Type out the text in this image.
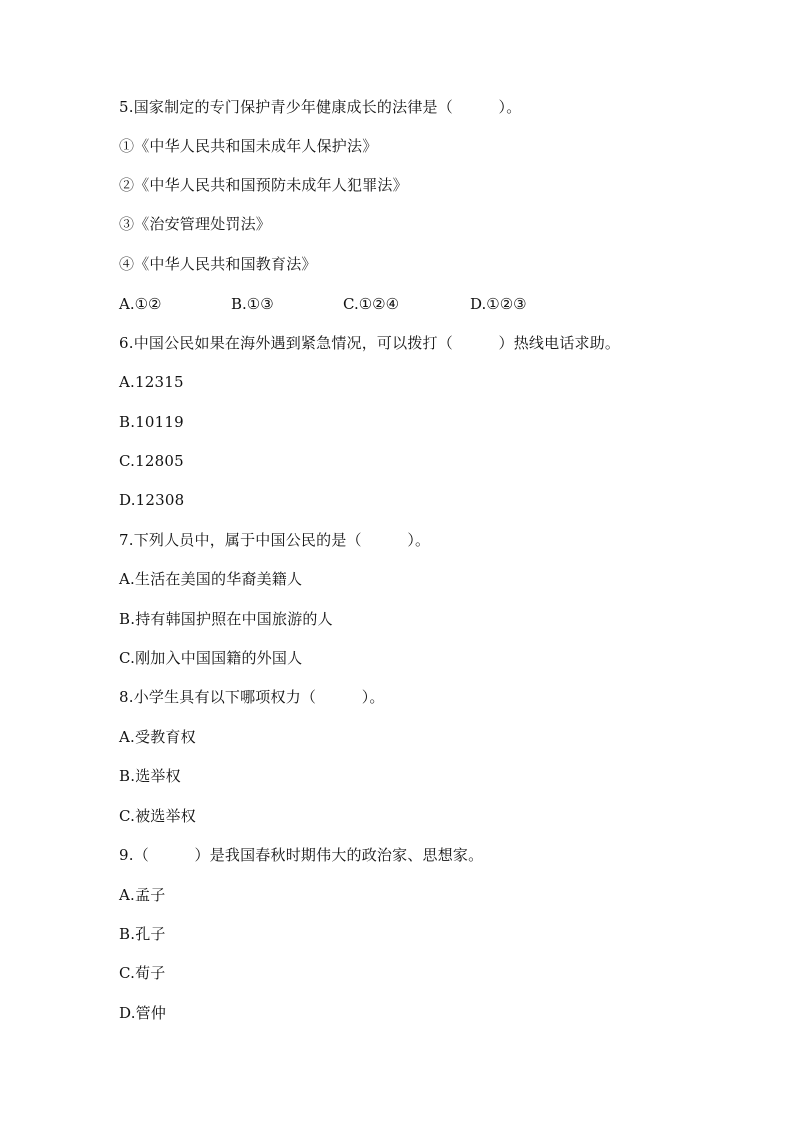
5.国家制定的专门保护青少年健康成长的法律是（　　　）。
①《中华人民共和国未成年人保护法》
②《中华人民共和国预防未成年人犯罪法》
③《治安管理处罚法》
④《中华人民共和国教育法》
A.①②	B.①③	C.①②④	D.①②③
6.中国公民如果在海外遇到紧急情况，可以拨打（　　　）热线电话求助。
A.12315
B.10119
C.12805
D.12308
7.下列人员中，属于中国公民的是（　　　）。
A.生活在美国的华裔美籍人
B.持有韩国护照在中国旅游的人
C.刚加入中国国籍的外国人
8.小学生具有以下哪项权力（　　　）。
A.受教育权
B.选举权
C.被选举权
9.（　　　）是我国春秋时期伟大的政治家、思想家。
A.孟子
B.孔子
C.荀子
D.管仲
